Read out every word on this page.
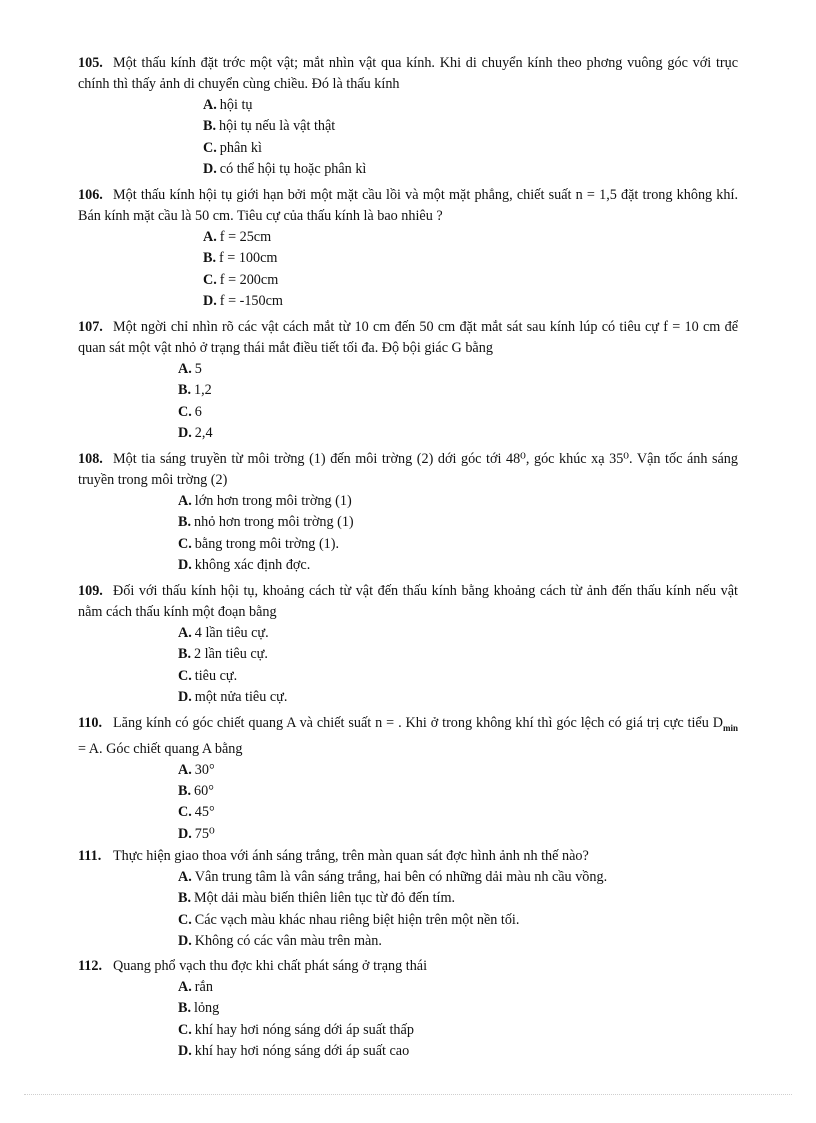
105. Một thấu kính đặt trớc một vật; mắt nhìn vật qua kính. Khi di chuyển kính theo phơng vuông góc với trục chính thì thấy ảnh di chuyển cùng chiều. Đó là thấu kính
A. hội tụ
B. hội tụ nếu là vật thật
C. phân kì
D. có thể hội tụ hoặc phân kì
106. Một thấu kính hội tụ giới hạn bởi một mặt cầu lồi và một mặt phẳng, chiết suất n = 1,5 đặt trong không khí. Bán kính mặt cầu là 50 cm. Tiêu cự của thấu kính là bao nhiêu ?
A. f = 25cm
B. f = 100cm
C. f = 200cm
D. f = -150cm
107. Một ngời chỉ nhìn rõ các vật cách mắt từ 10 cm đến 50 cm đặt mắt sát sau kính lúp có tiêu cự f = 10 cm để quan sát một vật nhỏ ở trạng thái mắt điều tiết tối đa. Độ bội giác G bằng
A. 5
B. 1,2
C. 6
D. 2,4
108. Một tia sáng truyền từ môi trờng (1) đến môi trờng (2) dới góc tới 48⁰, góc khúc xạ 35⁰. Vận tốc ánh sáng truyền trong môi trờng (2)
A. lớn hơn trong môi trờng (1)
B. nhỏ hơn trong môi trờng (1)
C. bằng trong môi trờng (1).
D. không xác định đợc.
109. Đối với thấu kính hội tụ, khoảng cách từ vật đến thấu kính bằng khoảng cách từ ảnh đến thấu kính nếu vật nằm cách thấu kính một đoạn bằng
A. 4 lần tiêu cự.
B. 2 lần tiêu cự.
C. tiêu cự.
D. một nửa tiêu cự.
110. Lăng kính có góc chiết quang A và chiết suất n = . Khi ở trong không khí thì góc lệch có giá trị cực tiểu $D_{min} = A$. Góc chiết quang A bằng
A. 30°
B. 60°
C. 45°
D. 75⁰
111. Thực hiện giao thoa với ánh sáng trắng, trên màn quan sát đợc hình ảnh nh thế nào?
A. Vân trung tâm là vân sáng trắng, hai bên có những dải màu nh cầu vồng.
B. Một dải màu biến thiên liên tục từ đỏ đến tím.
C. Các vạch màu khác nhau riêng biệt hiện trên một nền tối.
D. Không có các vân màu trên màn.
112. Quang phổ vạch thu đợc khi chất phát sáng ở trạng thái
A. rắn
B. lỏng
C. khí hay hơi nóng sáng dới áp suất thấp
D. khí hay hơi nóng sáng dới áp suất cao
